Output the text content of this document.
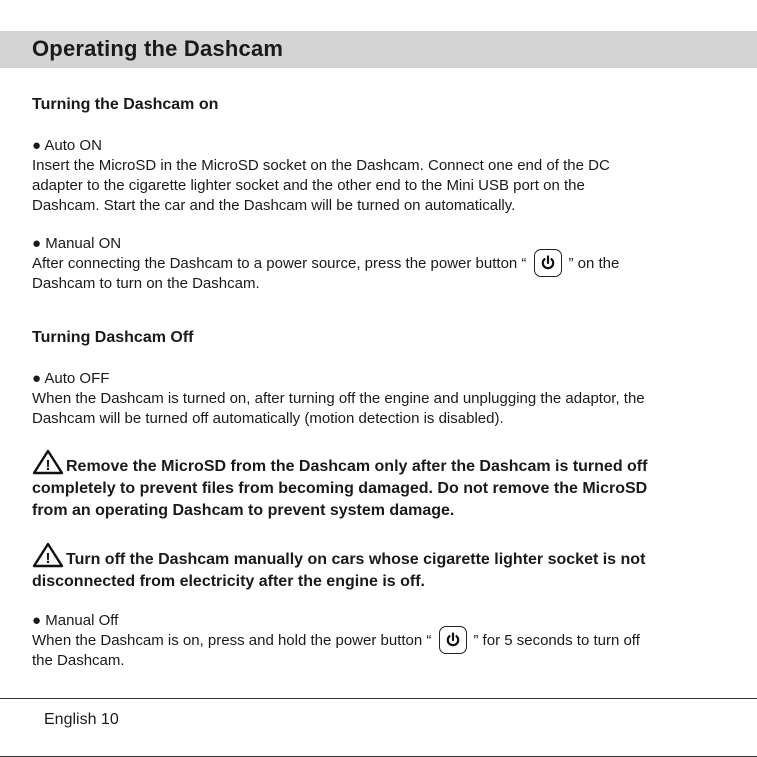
Operating the Dashcam

Turning the Dashcam on

● Auto ON

Insert the MicroSD in the MicroSD socket on the Dashcam. Connect one end of the DC

adapter to the cigarette lighter socket and the other end to the Mini USB port on the

Dashcam. Start the car and the Dashcam will be turned on automatically.

● Manual ON

After connecting the Dashcam to a power source, press the power button “	” on the

Dashcam to turn on the Dashcam.

Turning Dashcam Off

● Auto OFF

When the Dashcam is turned on, after turning off the engine and unplugging the adaptor, the

Dashcam will be turned off automatically (motion detection is disabled).

! Remove the MicroSD from the Dashcam only after the Dashcam is turned off

completely to prevent files from becoming damaged. Do not remove the MicroSD

from an operating Dashcam to prevent system damage.

! Turn off the Dashcam manually on cars whose cigarette lighter socket is not

disconnected from electricity after the engine is off.

● Manual Off

When the Dashcam is on, press and hold the power button “	” for 5 seconds to turn off

the Dashcam.

English 10
